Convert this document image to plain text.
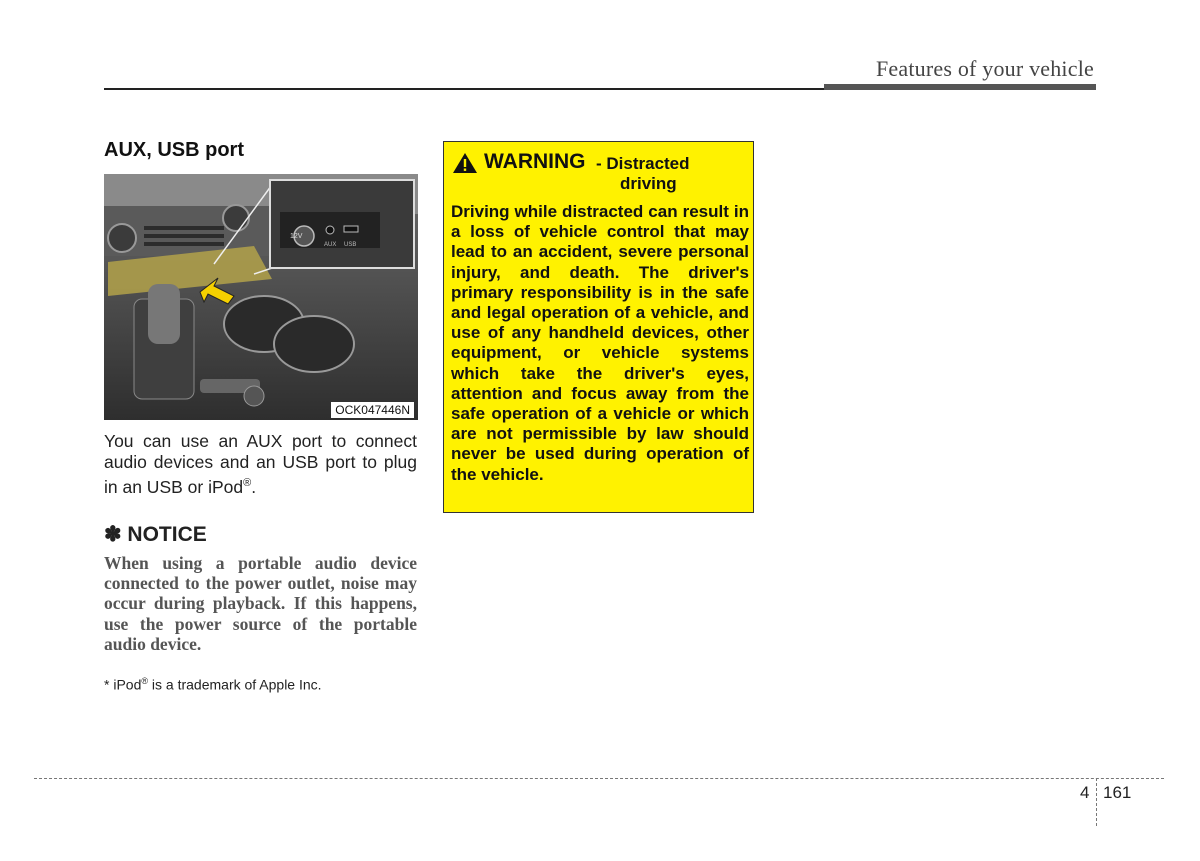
Features of your vehicle
AUX, USB port
12V
AUX USB
OCK047446N
You can use an AUX port to connect audio devices and an USB port to plug in an USB or iPod®.
✽ NOTICE
When using a portable audio device connected to the power outlet, noise may occur during playback. If this happens, use the power source of the portable audio device.
* iPod® is a trademark of Apple Inc.
WARNING - Distracted
driving
Driving while distracted can result in a loss of vehicle control that may lead to an accident, severe personal injury, and death. The driver's primary responsibility is in the safe and legal operation of a vehicle, and use of any handheld devices, other equipment, or vehicle systems which take the driver's eyes, attention and focus away from the safe operation of a vehicle or which are not permissible by law should never be used during operation of the vehicle.
4 161
